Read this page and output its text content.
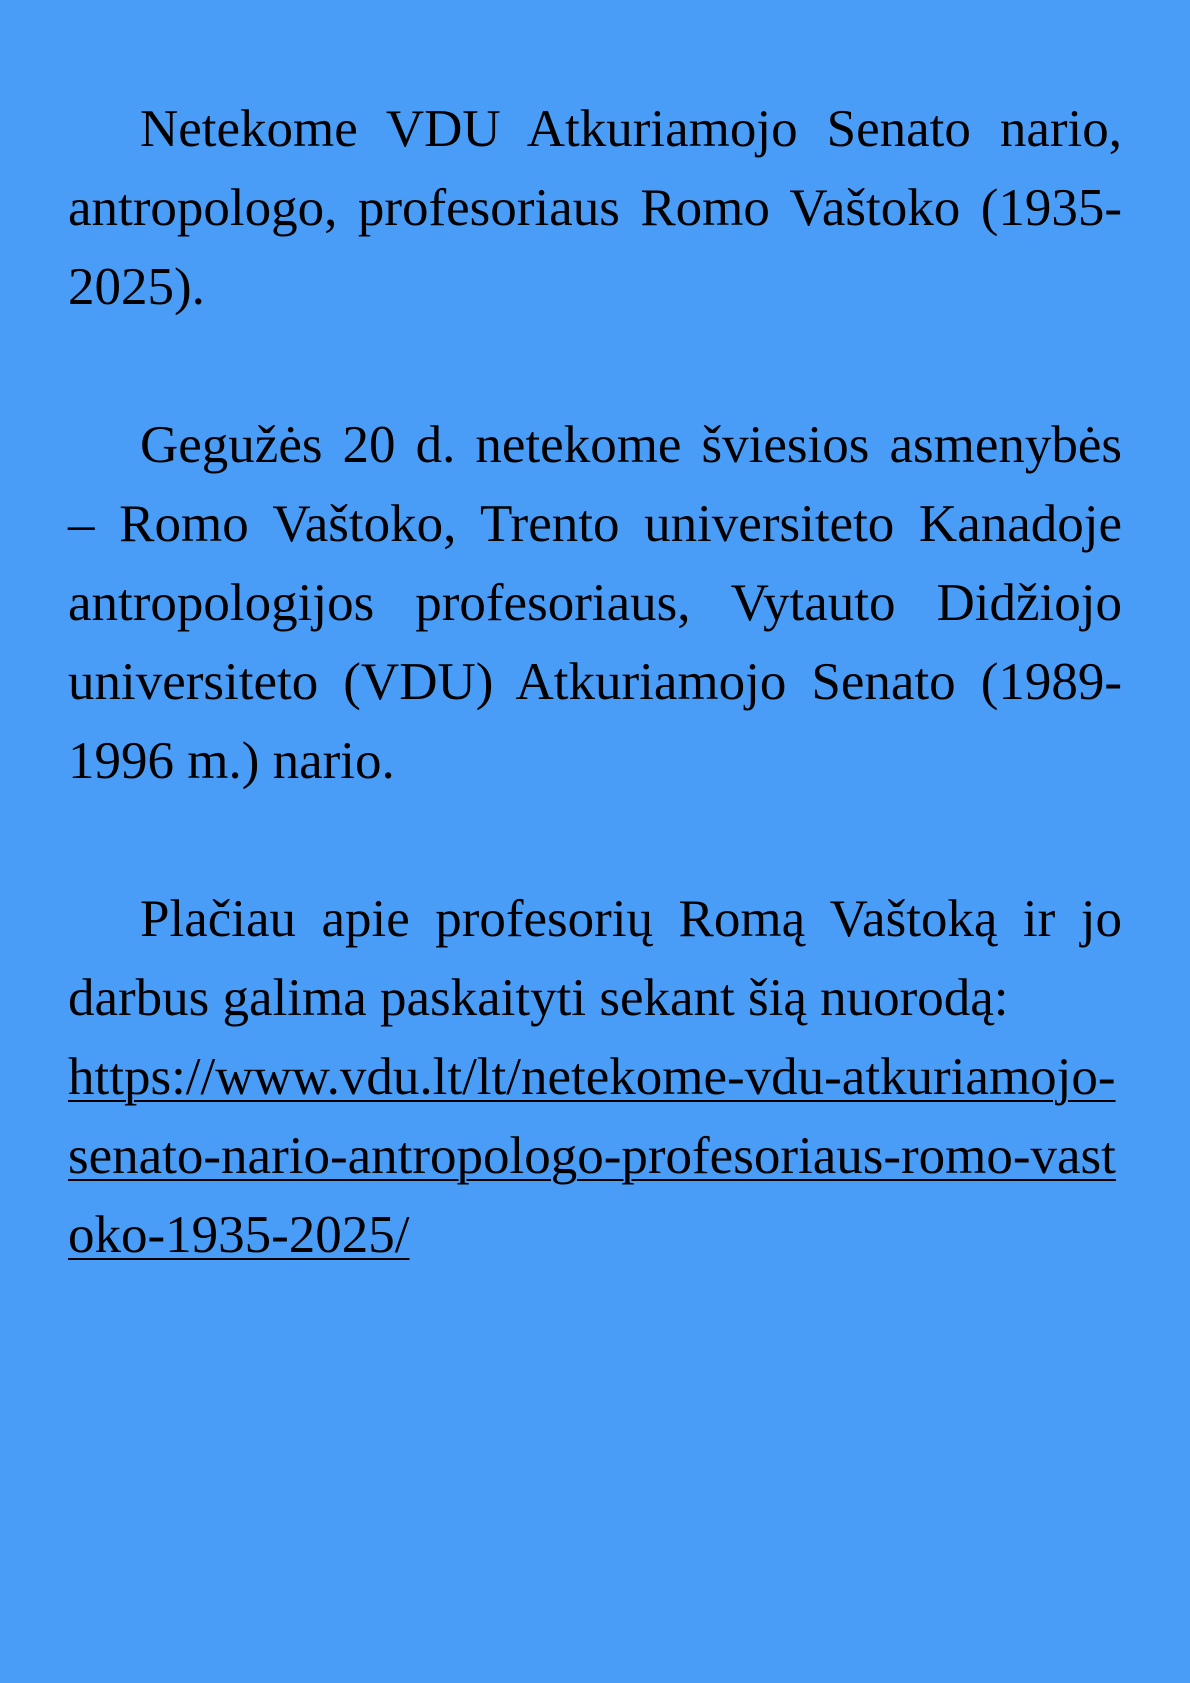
Netekome VDU Atkuriamojo Senato nario, antropologo, profesoriaus Romo Vaštoko (1935-2025).

Gegužės 20 d. netekome šviesios asmenybės – Romo Vaštoko, Trento universiteto Kanadoje antropologijos profesoriaus, Vytauto Didžiojo universiteto (VDU) Atkuriamojo Senato (1989-1996 m.) nario.

Plačiau apie profesorių Romą Vaštoką ir jo darbus galima paskaityti sekant šią nuorodą:
https://www.vdu.lt/lt/netekome-vdu-atkuriamojo-senato-nario-antropologo-profesoriaus-romo-vastoko-1935-2025/
